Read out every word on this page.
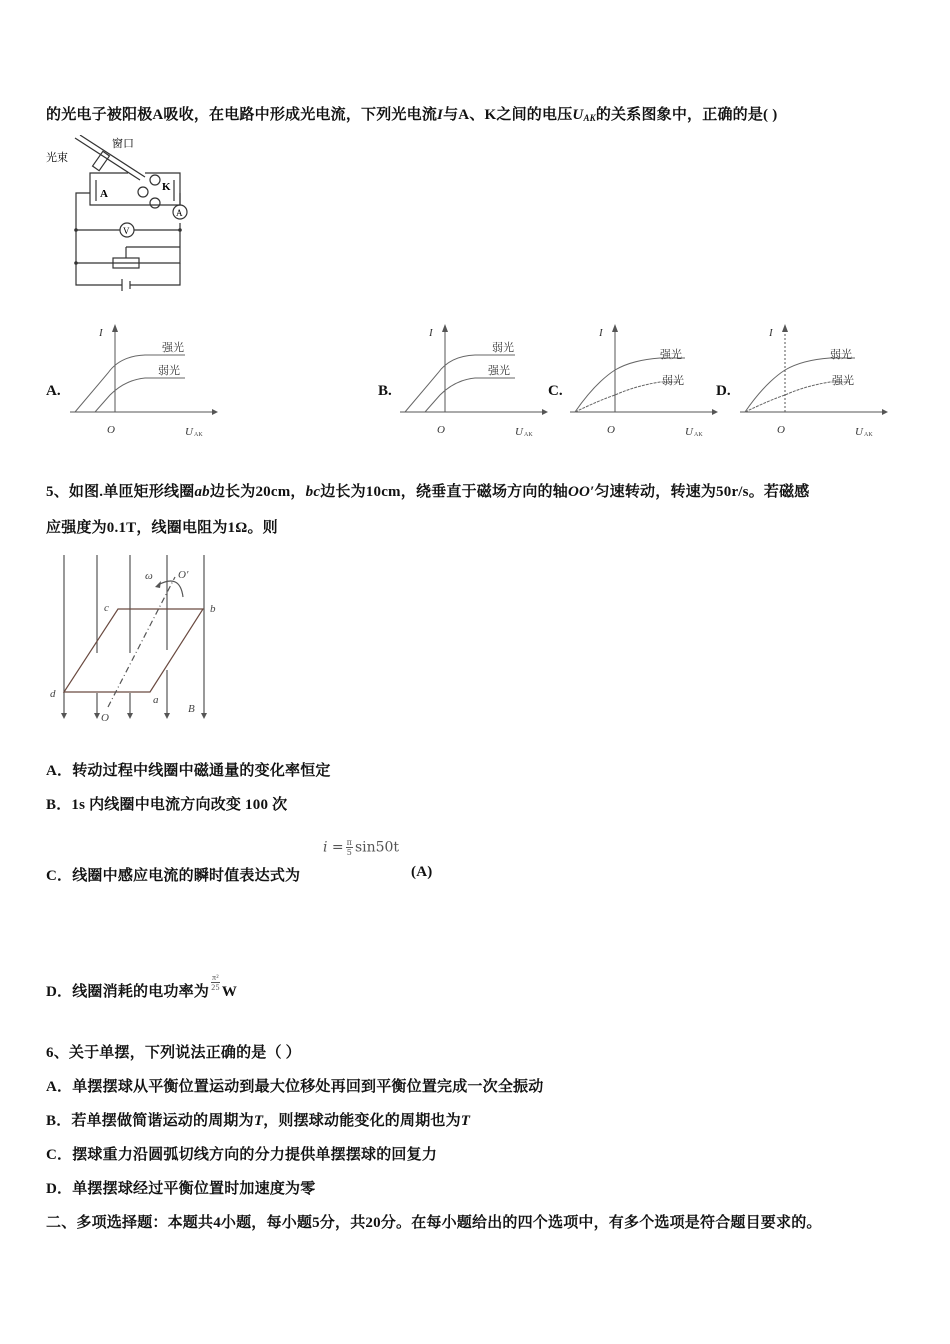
的光电子被阳极A吸收，在电路中形成光电流，下列光电流I与A、K之间的电压$U_{AK}$的关系图象中，正确的是( )
窗口
光束
A
K
V
A
A.
I
O	U AK
强光
弱光
B.
I
O	U AK
弱光
强光
C.
I
O	U AK
强光
弱光
D.
I
O	U AK
弱光
强光
5、如图.单匝矩形线圈ab边长为20cm，bc边长为10cm，绕垂直于磁场方向的轴OO′匀速转动，转速为50r/s。若磁感
应强度为0.1T，线圈电阻为1Ω。则
c	b
d	a
O
O′
ω
B
A．转动过程中线圈中磁通量的变化率恒定
B．1s 内线圈中电流方向改变 100 次
$i = \frac{\pi}{5} \sin 50t$
C．线圈中感应电流的瞬时值表达式为	(A)
D．线圈消耗的电功率为 $\frac{\text{π²}}{25}$ W
6、关于单摆，下列说法正确的是（ ）
A．单摆摆球从平衡位置运动到最大位移处再回到平衡位置完成一次全振动
B．若单摆做简谐运动的周期为T，则摆球动能变化的周期也为T
C．摆球重力沿圆弧切线方向的分力提供单摆摆球的回复力
D．单摆摆球经过平衡位置时加速度为零
二、多项选择题：本题共4小题，每小题5分，共20分。在每小题给出的四个选项中，有多个选项是符合题目要求的。
